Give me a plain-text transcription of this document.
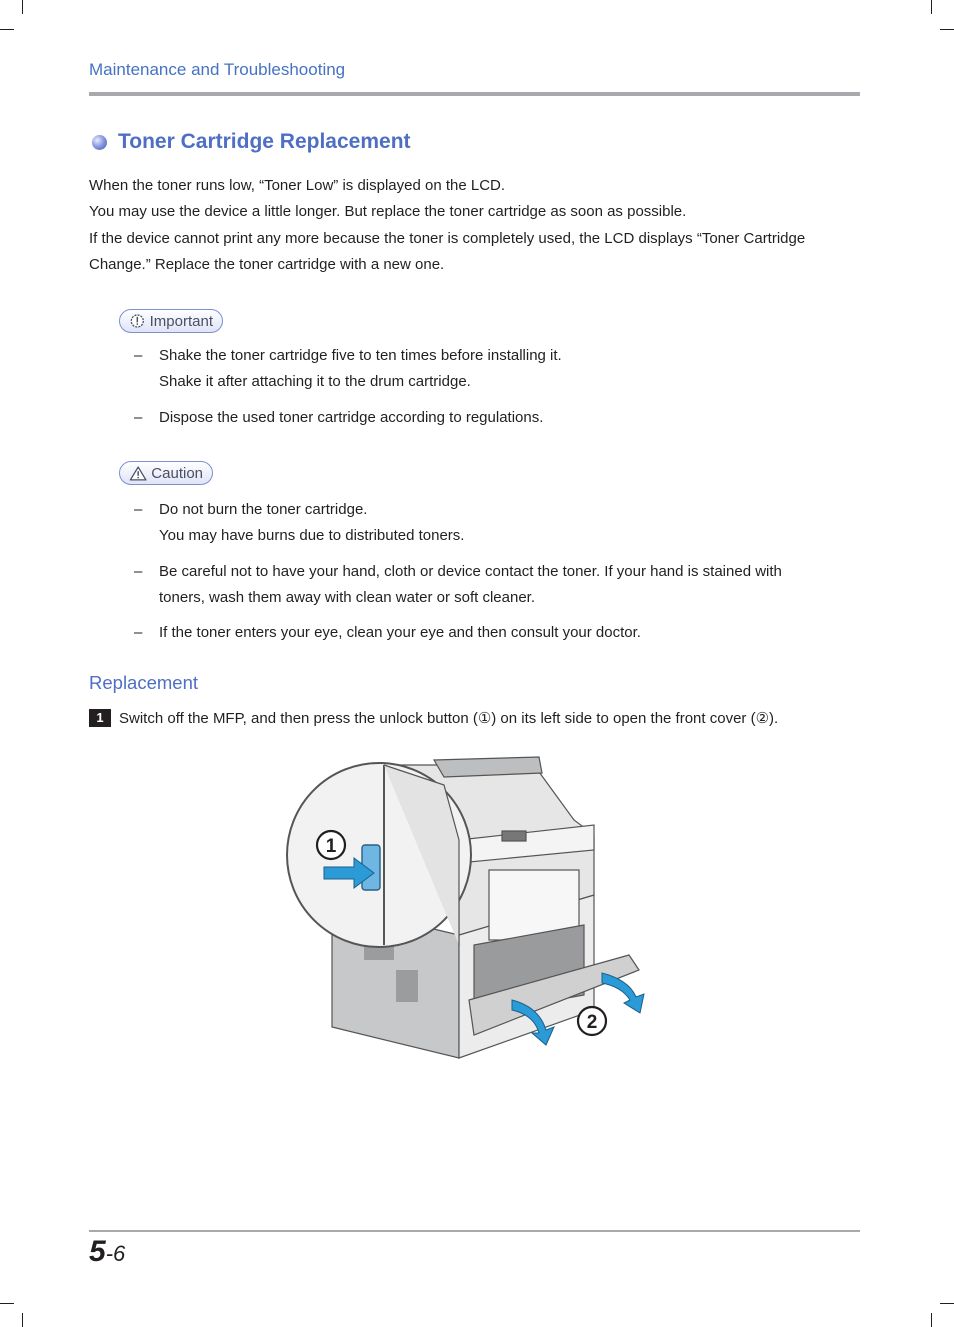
Maintenance and Troubleshooting
Toner Cartridge Replacement
When the toner runs low, “Toner Low” is displayed on the LCD.
You may use the device a little longer. But replace the toner cartridge as soon as possible.
If the device cannot print any more because the toner is completely used, the LCD displays “Toner Cartridge
Change.” Replace the toner cartridge with a new one.
Important
– Shake the toner cartridge five to ten times before installing it.
Shake it after attaching it to the drum cartridge.
– Dispose the used toner cartridge according to regulations.
Caution
– Do not burn the toner cartridge.
You may have burns due to distributed toners.
– Be careful not to have your hand, cloth or device contact the toner. If your hand is stained with
toners, wash them away with clean water or soft cleaner.
– If the toner enters your eye, clean your eye and then consult your doctor.
Replacement
1	Switch off the MFP, and then press the unlock button (①) on its left side to open the front cover (②).
1
2
5-6
